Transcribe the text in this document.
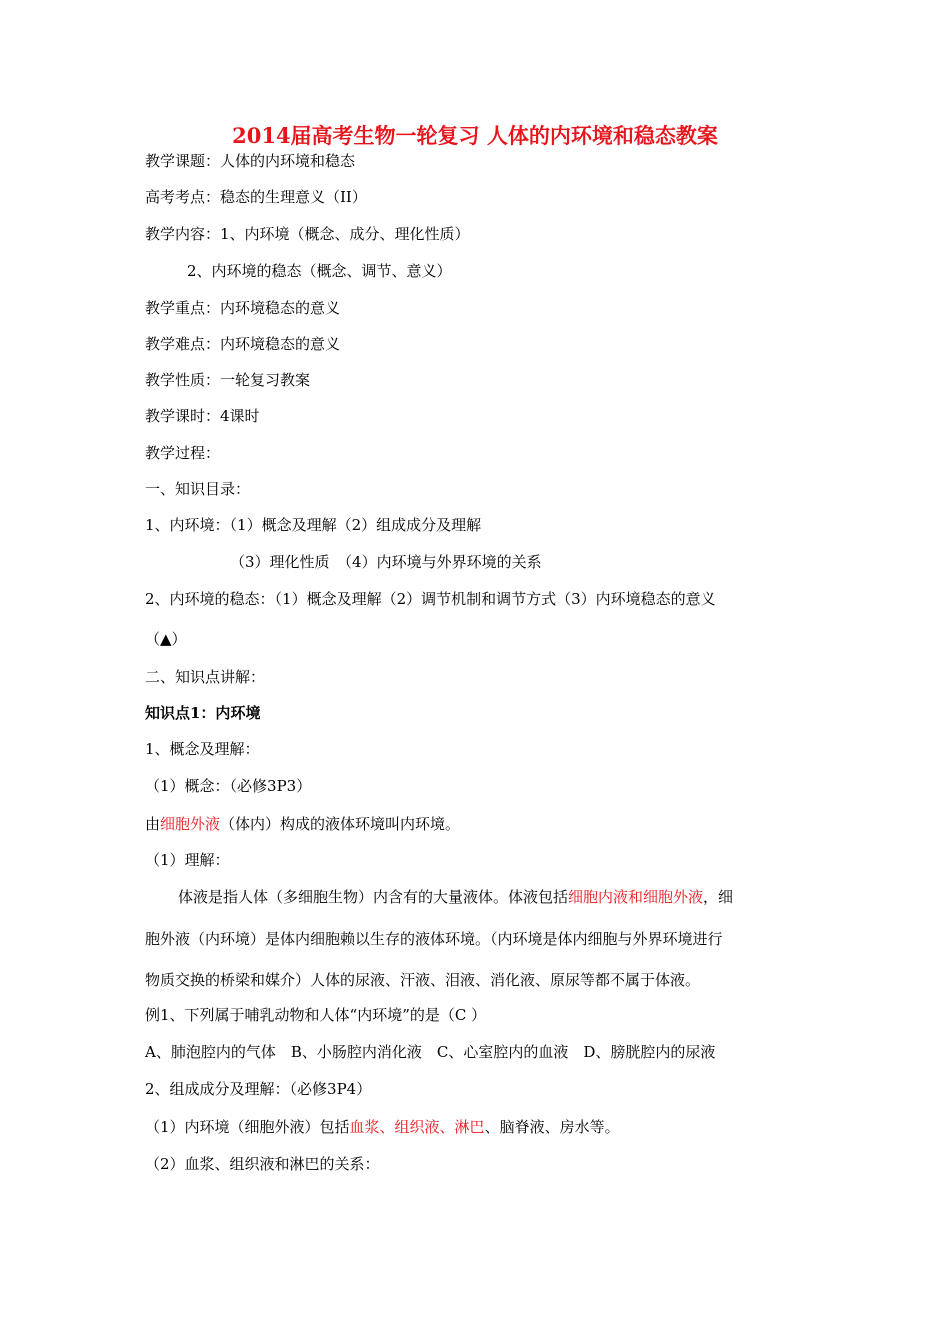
2014届高考生物一轮复习 人体的内环境和稳态教案
教学课题：人体的内环境和稳态
高考考点：稳态的生理意义（II）
教学内容：1、内环境（概念、成分、理化性质）
2、内环境的稳态（概念、调节、意义）
教学重点：内环境稳态的意义
教学难点：内环境稳态的意义
教学性质：一轮复习教案
教学课时：4课时
教学过程：
一、知识目录：
1、内环境：（1）概念及理解（2）组成成分及理解
（3）理化性质　（4）内环境与外界环境的关系
2、内环境的稳态：（1）概念及理解（2）调节机制和调节方式（3）内环境稳态的意义
（▲）
二、知识点讲解：
知识点1：内环境
1、概念及理解：
（1）概念：（必修3P3）
由细胞外液（体内）构成的液体环境叫内环境。
（1）理解：
体液是指人体（多细胞生物）内含有的大量液体。体液包括细胞内液和细胞外液，细
胞外液（内环境）是体内细胞赖以生存的液体环境。（内环境是体内细胞与外界环境进行
物质交换的桥梁和媒介）人体的尿液、汗液、泪液、消化液、原尿等都不属于体液。
例1、下列属于哺乳动物和人体“内环境”的是（C ）
A、肺泡腔内的气体　B、小肠腔内消化液　C、心室腔内的血液　D、膀胱腔内的尿液
2、组成成分及理解：（必修3P4）
（1）内环境（细胞外液）包括血浆、组织液、淋巴、脑脊液、房水等。
（2）血浆、组织液和淋巴的关系：
